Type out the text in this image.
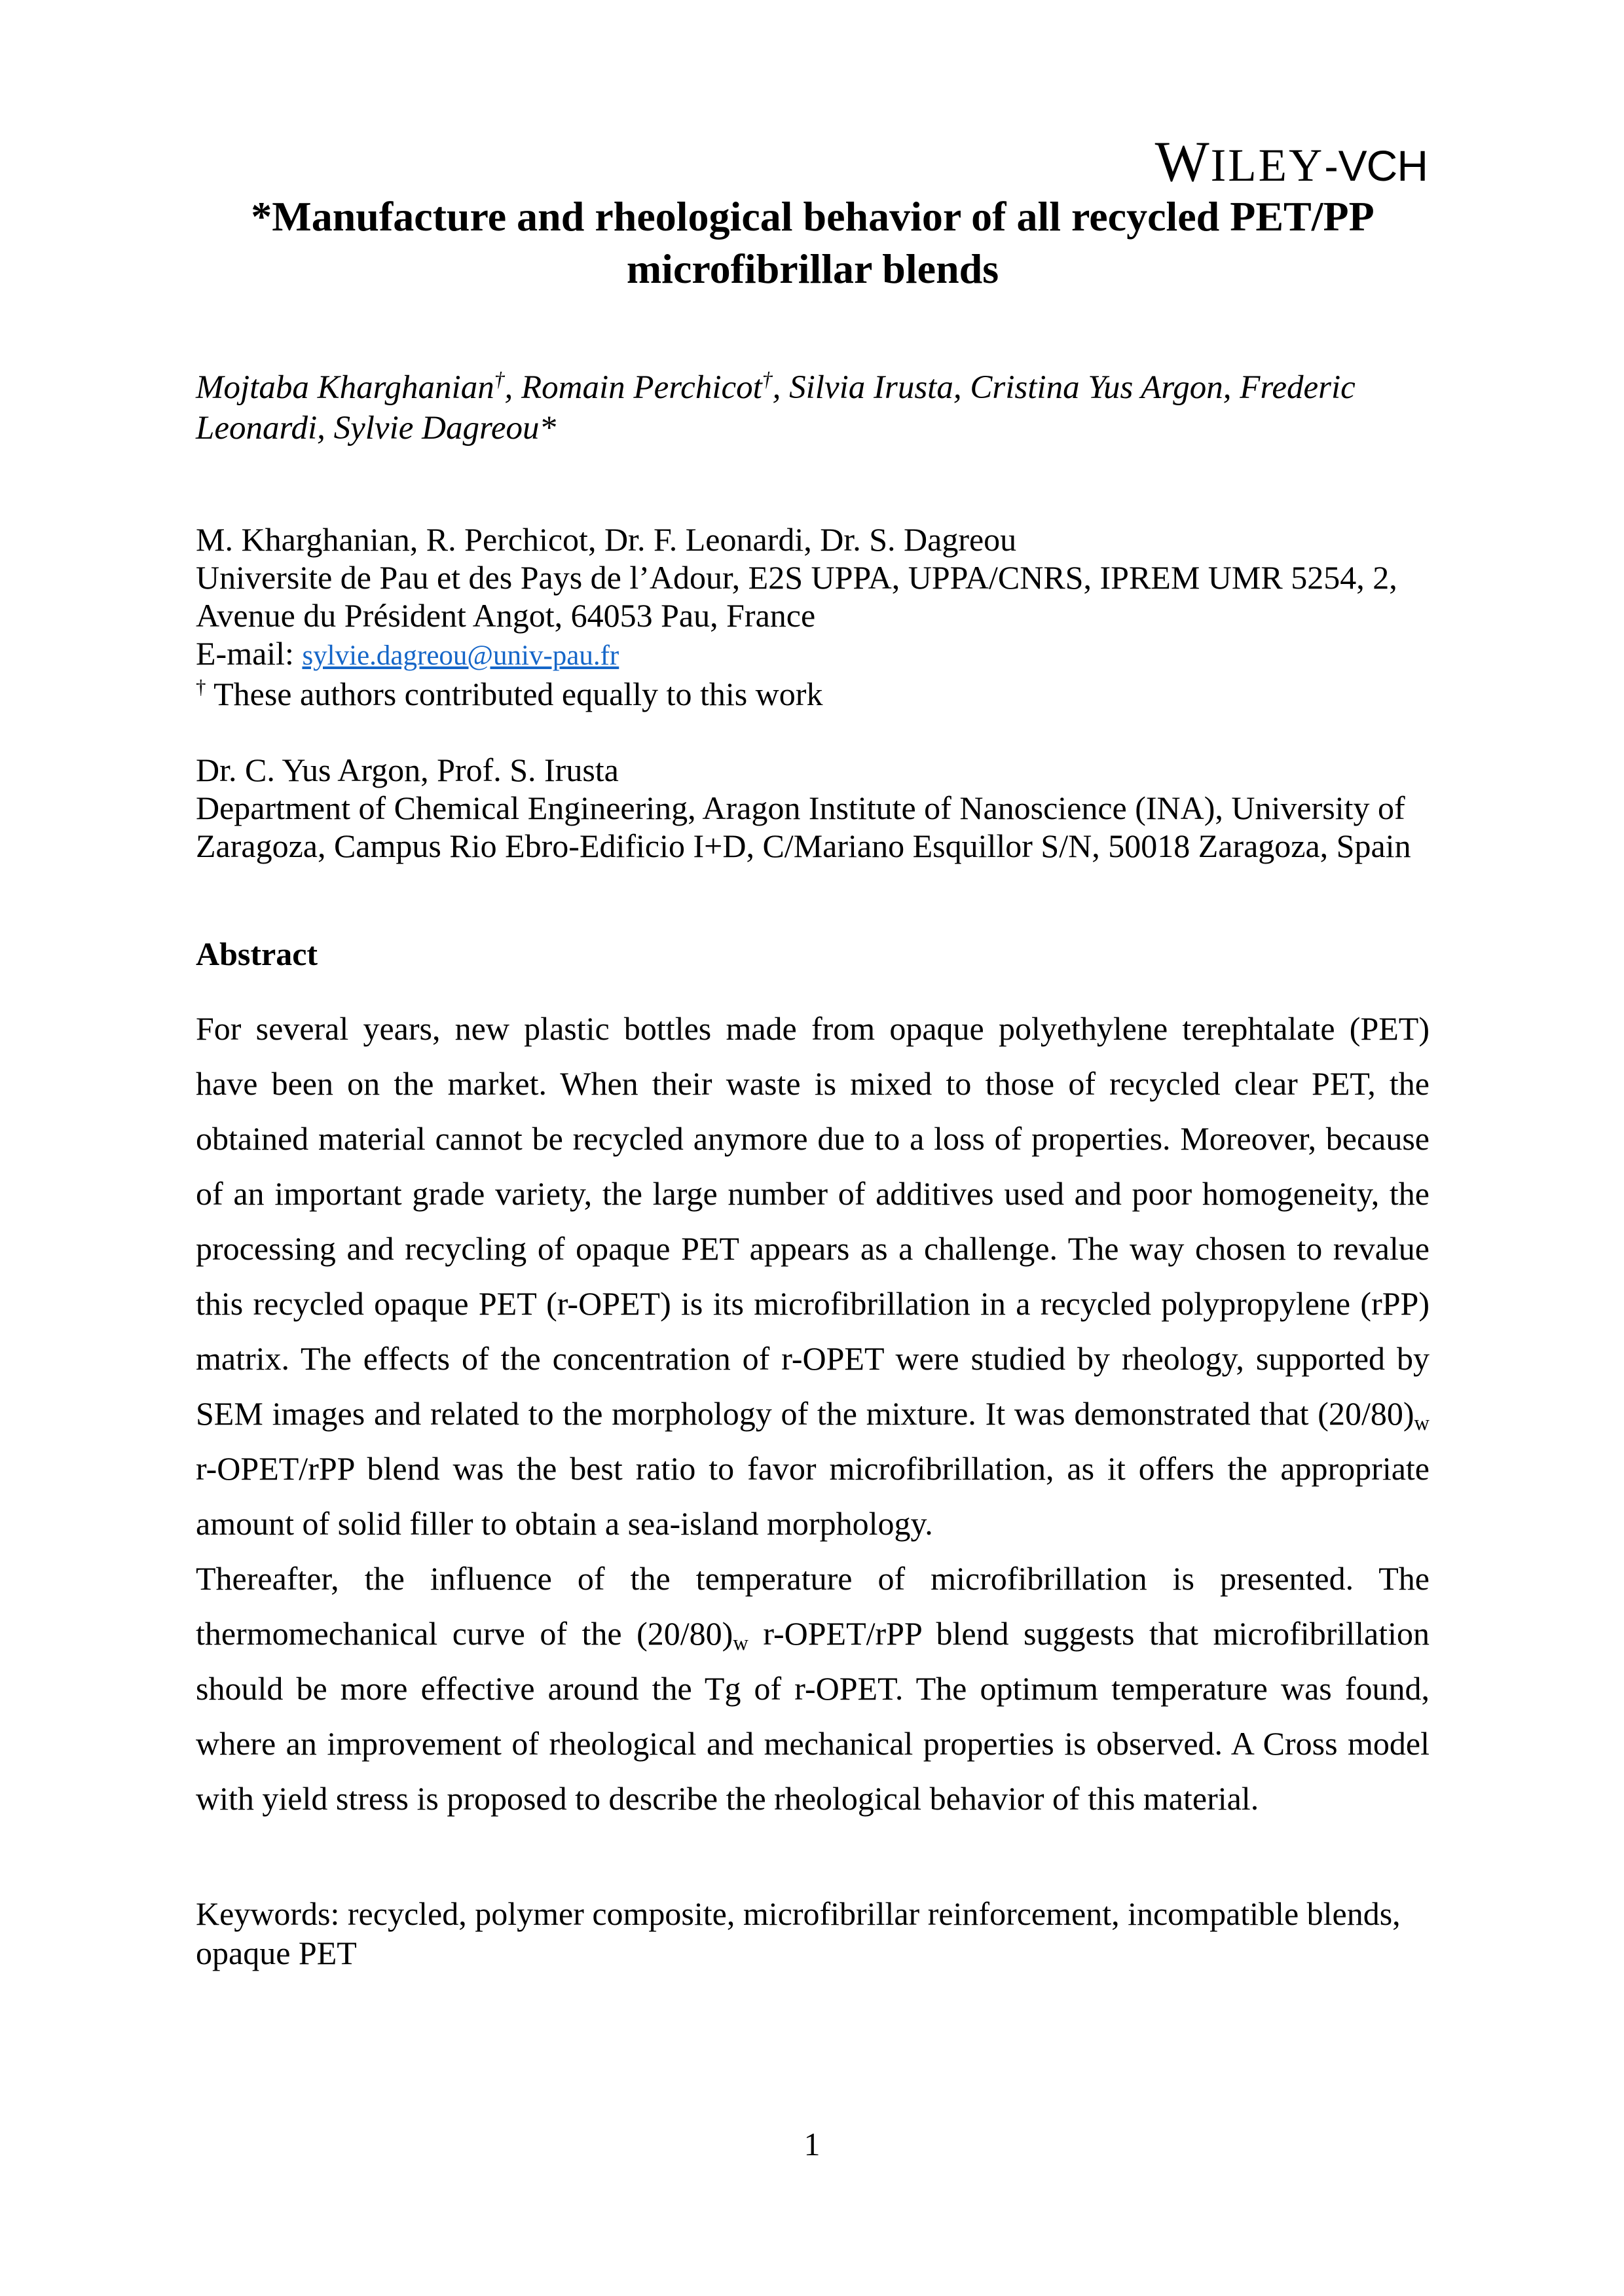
WILEY-VCH
*Manufacture and rheological behavior of all recycled PET/PP
microfibrillar blends
Mojtaba Kharghanian†, Romain Perchicot†, Silvia Irusta, Cristina Yus Argon, Frederic
Leonardi, Sylvie Dagreou*
M. Kharghanian, R. Perchicot, Dr. F. Leonardi, Dr. S. Dagreou
Universite de Pau et des Pays de l’Adour, E2S UPPA, UPPA/CNRS, IPREM UMR 5254, 2,
Avenue du Président Angot, 64053 Pau, France
E-mail: sylvie.dagreou@univ-pau.fr
† These authors contributed equally to this work
Dr. C. Yus Argon, Prof. S. Irusta
Department of Chemical Engineering, Aragon Institute of Nanoscience (INA), University of
Zaragoza, Campus Rio Ebro-Edificio I+D, C/Mariano Esquillor S/N, 50018 Zaragoza, Spain
Abstract

For several years, new plastic bottles made from opaque polyethylene terephtalate (PET) have been on the market. When their waste is mixed to those of recycled clear PET, the obtained material cannot be recycled anymore due to a loss of properties. Moreover, because of an important grade variety, the large number of additives used and poor homogeneity, the processing and recycling of opaque PET appears as a challenge. The way chosen to revalue this recycled opaque PET (r-OPET) is its microfibrillation in a recycled polypropylene (rPP) matrix. The effects of the concentration of r-OPET were studied by rheology, supported by SEM images and related to the morphology of the mixture. It was demonstrated that $(20/80)_w$ r-OPET/rPP blend was the best ratio to favor microfibrillation, as it offers the appropriate amount of solid filler to obtain a sea-island morphology.

Thereafter, the influence of the temperature of microfibrillation is presented. The thermomechanical curve of the $(20/80)_w$ r-OPET/rPP blend suggests that microfibrillation should be more effective around the Tg of r-OPET. The optimum temperature was found, where an improvement of rheological and mechanical properties is observed. A Cross model with yield stress is proposed to describe the rheological behavior of this material.

Keywords: recycled, polymer composite, microfibrillar reinforcement, incompatible blends, opaque PET
1
